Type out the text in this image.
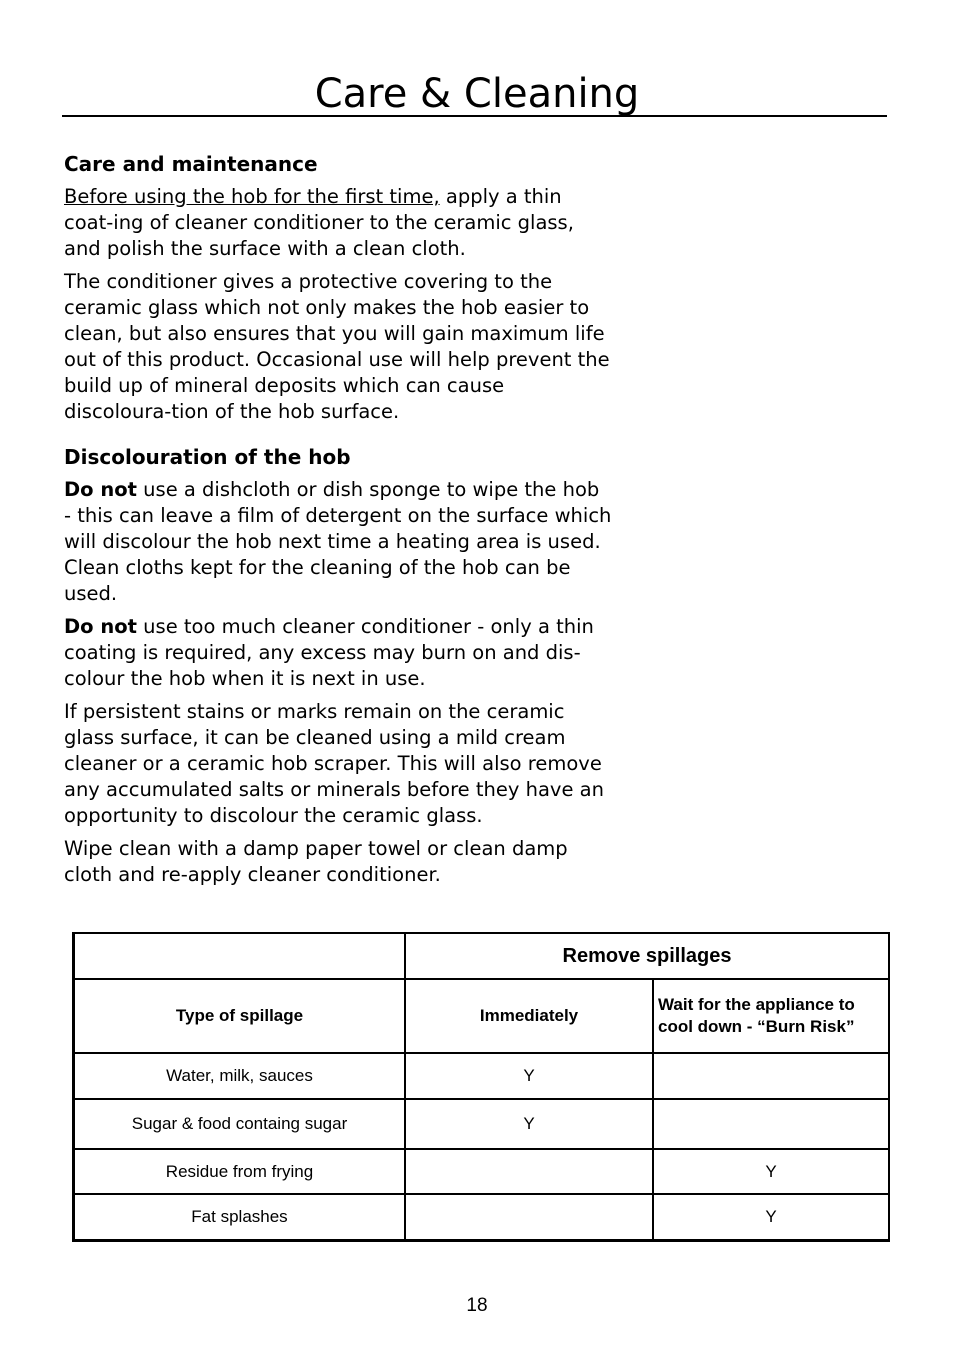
Care & Cleaning
Care and maintenance

Before using the hob for the first time, apply a thin coat-ing of cleaner conditioner to the ceramic glass, and polish the surface with a clean cloth.

The conditioner gives a protective covering to the ceramic glass which not only makes the hob easier to clean, but also ensures that you will gain maximum life out of this product. Occasional use will help prevent the build up of mineral deposits which can cause discoloura-tion of the hob surface.

Discolouration of the hob

Do not use a dishcloth or dish sponge to wipe the hob - this can leave a film of detergent on the surface which will discolour the hob next time a heating area is used. Clean cloths kept for the cleaning of the hob can be used.

Do not use too much cleaner conditioner - only a thin coating is required, any excess may burn on and dis-colour the hob when it is next in use.

If persistent stains or marks remain on the ceramic glass surface, it can be cleaned using a mild cream cleaner or a ceramic hob scraper. This will also remove any accumulated salts or minerals before they have an opportunity to discolour the ceramic glass.

Wipe clean with a damp paper towel or clean damp cloth and re-apply cleaner conditioner.

	Remove spillages	
Type of spillage	Immediately	Wait for the appliance to cool down - “Burn Risk”
Water, milk, sauces	Y	
Sugar & food containg sugar	Y	
Residue from frying		Y
Fat splashes		Y
18
